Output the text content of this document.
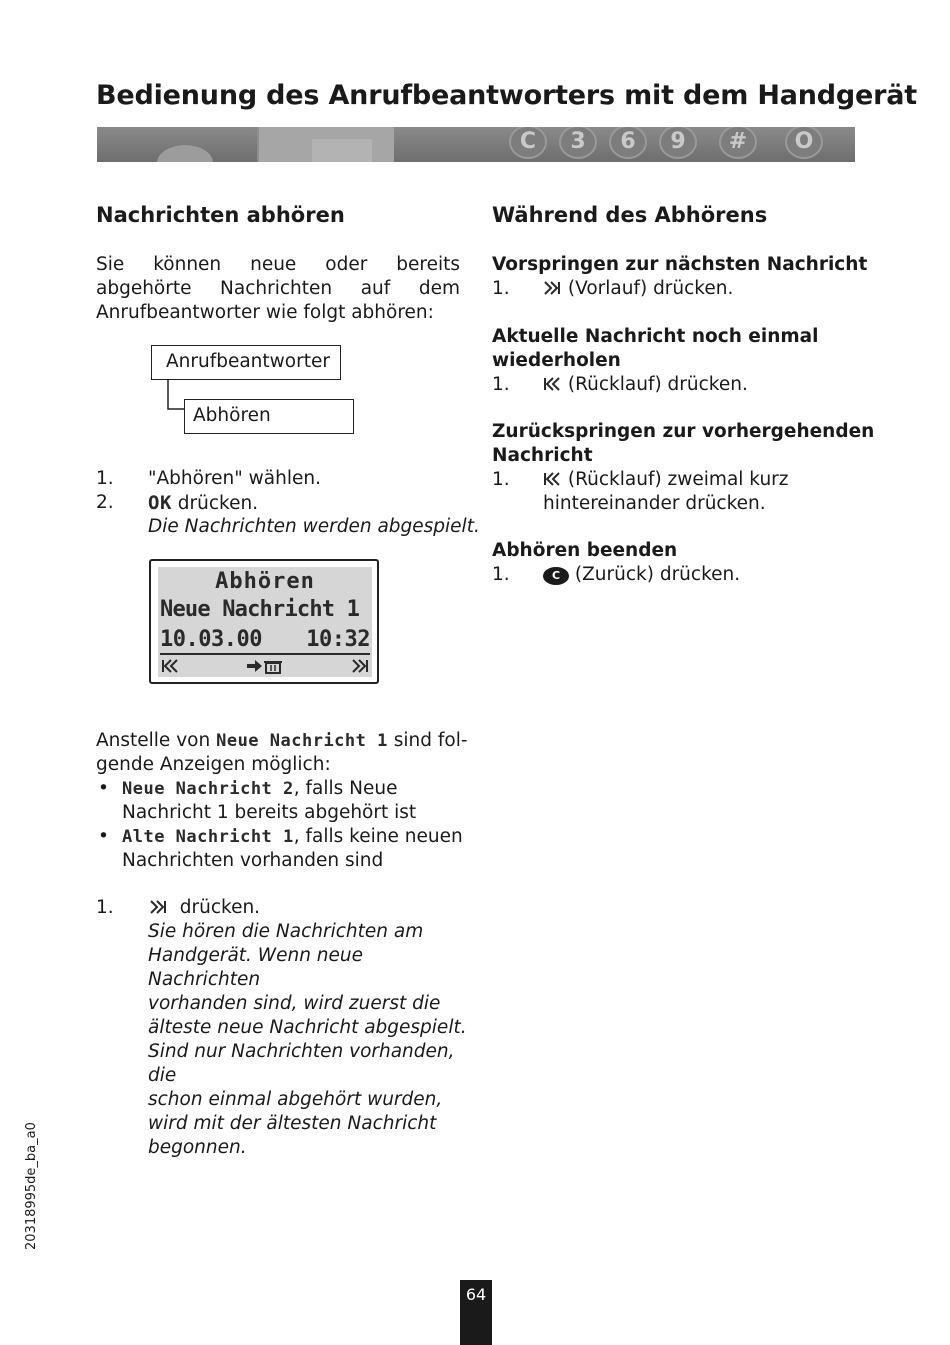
Bedienung des Anrufbeantworters mit dem Handgerät
C	3	6	9	#	O
Nachrichten abhören
Sie können neue oder bereits abgehörte Nachrichten auf dem Anrufbeantworter wie folgt abhören:
Anrufbeantworter
Abhören
1. "Abhören" wählen.
2. OK drücken.
Die Nachrichten werden abgespielt.
Abhören
Neue Nachricht 1
10.03.00	10:32
Anstelle von Neue Nachricht 1 sind fol-
gende Anzeigen möglich:
• Neue Nachricht 2, falls Neue
Nachricht 1 bereits abgehört ist
• Alte Nachricht 1, falls keine neuen
Nachrichten vorhanden sind
1.	drücken.
Sie hören die Nachrichten am
Handgerät. Wenn neue Nachrichten
vorhanden sind, wird zuerst die
älteste neue Nachricht abgespielt.
Sind nur Nachrichten vorhanden, die
schon einmal abgehört wurden,
wird mit der ältesten Nachricht
begonnen.
Während des Abhörens
Vorspringen zur nächsten Nachricht
1.	(Vorlauf) drücken.
Aktuelle Nachricht noch einmal
wiederholen
1.	(Rücklauf) drücken.
Zurückspringen zur vorhergehenden
Nachricht
1.	(Rücklauf) zweimal kurz
hintereinander drücken.
Abhören beenden
1.	C (Zurück) drücken.
20318995de_ba_a0
64
